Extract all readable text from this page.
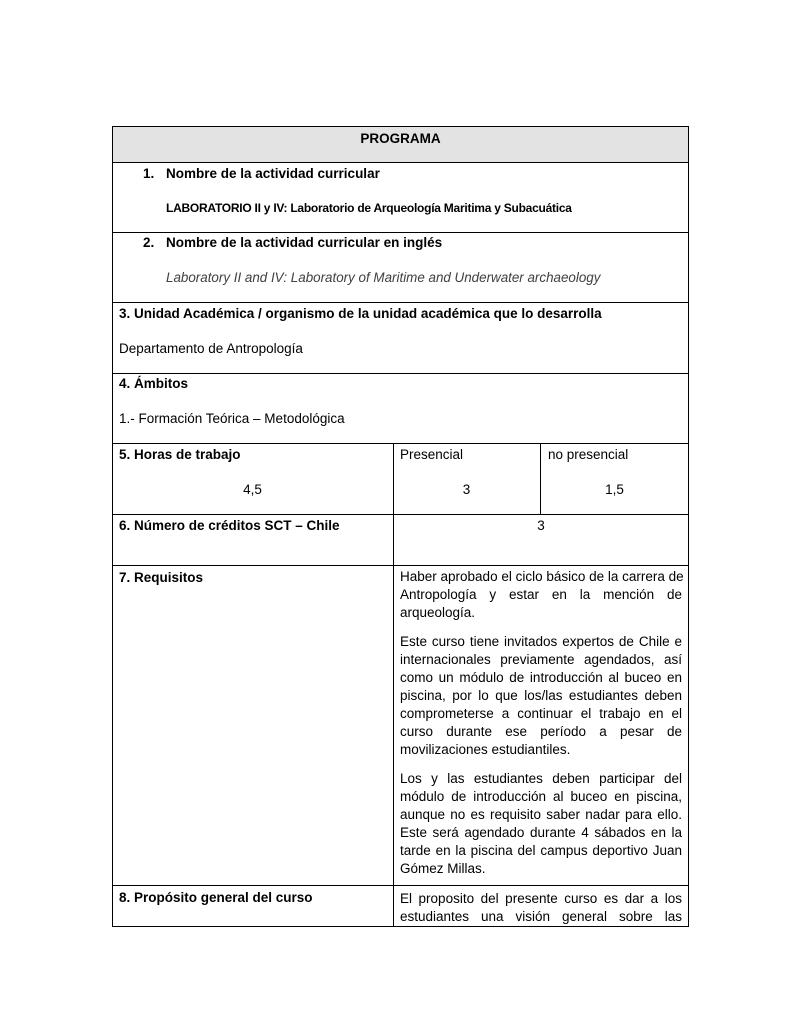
PROGRAMA
1. Nombre de la actividad curricular
LABORATORIO II y IV: Laboratorio de Arqueología Maritima y Subacuática
2. Nombre de la actividad curricular en inglés
Laboratory II and IV: Laboratory of Maritime and Underwater archaeology
3. Unidad Académica / organismo de la unidad académica que lo desarrolla
Departamento de Antropología
4. Ámbitos
1.- Formación Teórica – Metodológica
5. Horas de trabajo	Presencial	no presencial
4,5	3	1,5
6. Número de créditos SCT – Chile	3
7. Requisitos	Haber aprobado el ciclo básico de la carrera de
Antropología y estar en la mención de
arqueología.
Este curso tiene invitados expertos de Chile e
internacionales previamente agendados, así
como un módulo de introducción al buceo en
piscina, por lo que los/las estudiantes deben
comprometerse a continuar el trabajo en el
curso durante ese período a pesar de
movilizaciones estudiantiles.
Los y las estudiantes deben participar del
módulo de introducción al buceo en piscina,
aunque no es requisito saber nadar para ello.
Este será agendado durante 4 sábados en la
tarde en la piscina del campus deportivo Juan
Gómez Millas.
8. Propósito general del curso	El proposito del presente curso es dar a los
estudiantes una visión general sobre las
